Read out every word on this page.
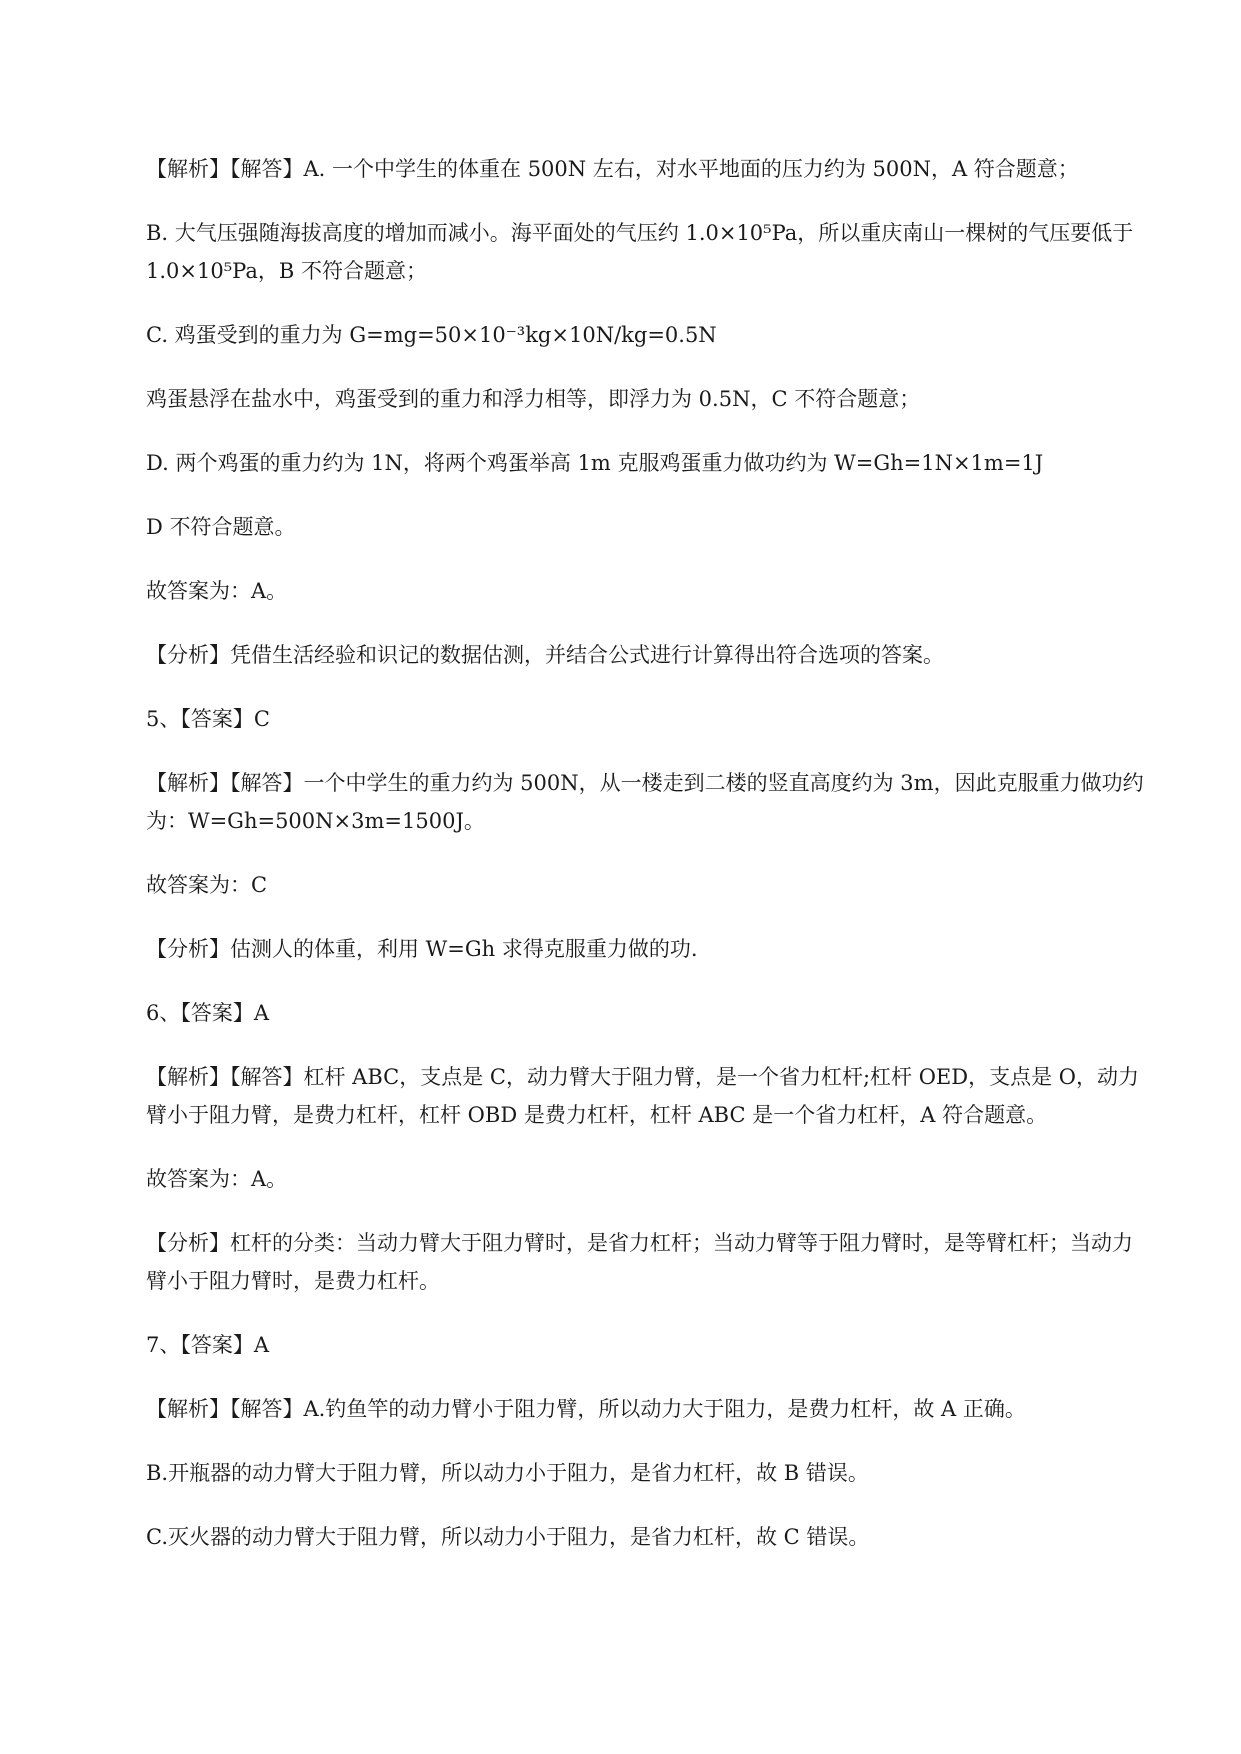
【解析】【解答】A. 一个中学生的体重在 500N 左右，对水平地面的压力约为 500N，A 符合题意；

B. 大气压强随海拔高度的增加而减小。海平面处的气压约 1.0×10⁵Pa，所以重庆南山一棵树的气压要低于 1.0×10⁵Pa，B 不符合题意；

C. 鸡蛋受到的重力为 G=mg=50×10⁻³kg×10N/kg=0.5N

鸡蛋悬浮在盐水中，鸡蛋受到的重力和浮力相等，即浮力为 0.5N，C 不符合题意；

D. 两个鸡蛋的重力约为 1N，将两个鸡蛋举高 1m 克服鸡蛋重力做功约为 W=Gh=1N×1m=1J

D 不符合题意。

故答案为：A。

【分析】凭借生活经验和识记的数据估测，并结合公式进行计算得出符合选项的答案。

5、【答案】C

【解析】【解答】一个中学生的重力约为 500N，从一楼走到二楼的竖直高度约为 3m，因此克服重力做功约为：W=Gh=500N×3m=1500J。

故答案为：C

【分析】估测人的体重，利用 W=Gh 求得克服重力做的功.

6、【答案】A

【解析】【解答】杠杆 ABC，支点是 C，动力臂大于阻力臂，是一个省力杠杆;杠杆 OED，支点是 O，动力臂小于阻力臂，是费力杠杆，杠杆 OBD 是费力杠杆，杠杆 ABC 是一个省力杠杆，A 符合题意。

故答案为：A。

【分析】杠杆的分类：当动力臂大于阻力臂时，是省力杠杆；当动力臂等于阻力臂时，是等臂杠杆；当动力臂小于阻力臂时，是费力杠杆。

7、【答案】A

【解析】【解答】A.钓鱼竿的动力臂小于阻力臂，所以动力大于阻力，是费力杠杆，故 A 正确。

B.开瓶器的动力臂大于阻力臂，所以动力小于阻力，是省力杠杆，故 B 错误。

C.灭火器的动力臂大于阻力臂，所以动力小于阻力，是省力杠杆，故 C 错误。
